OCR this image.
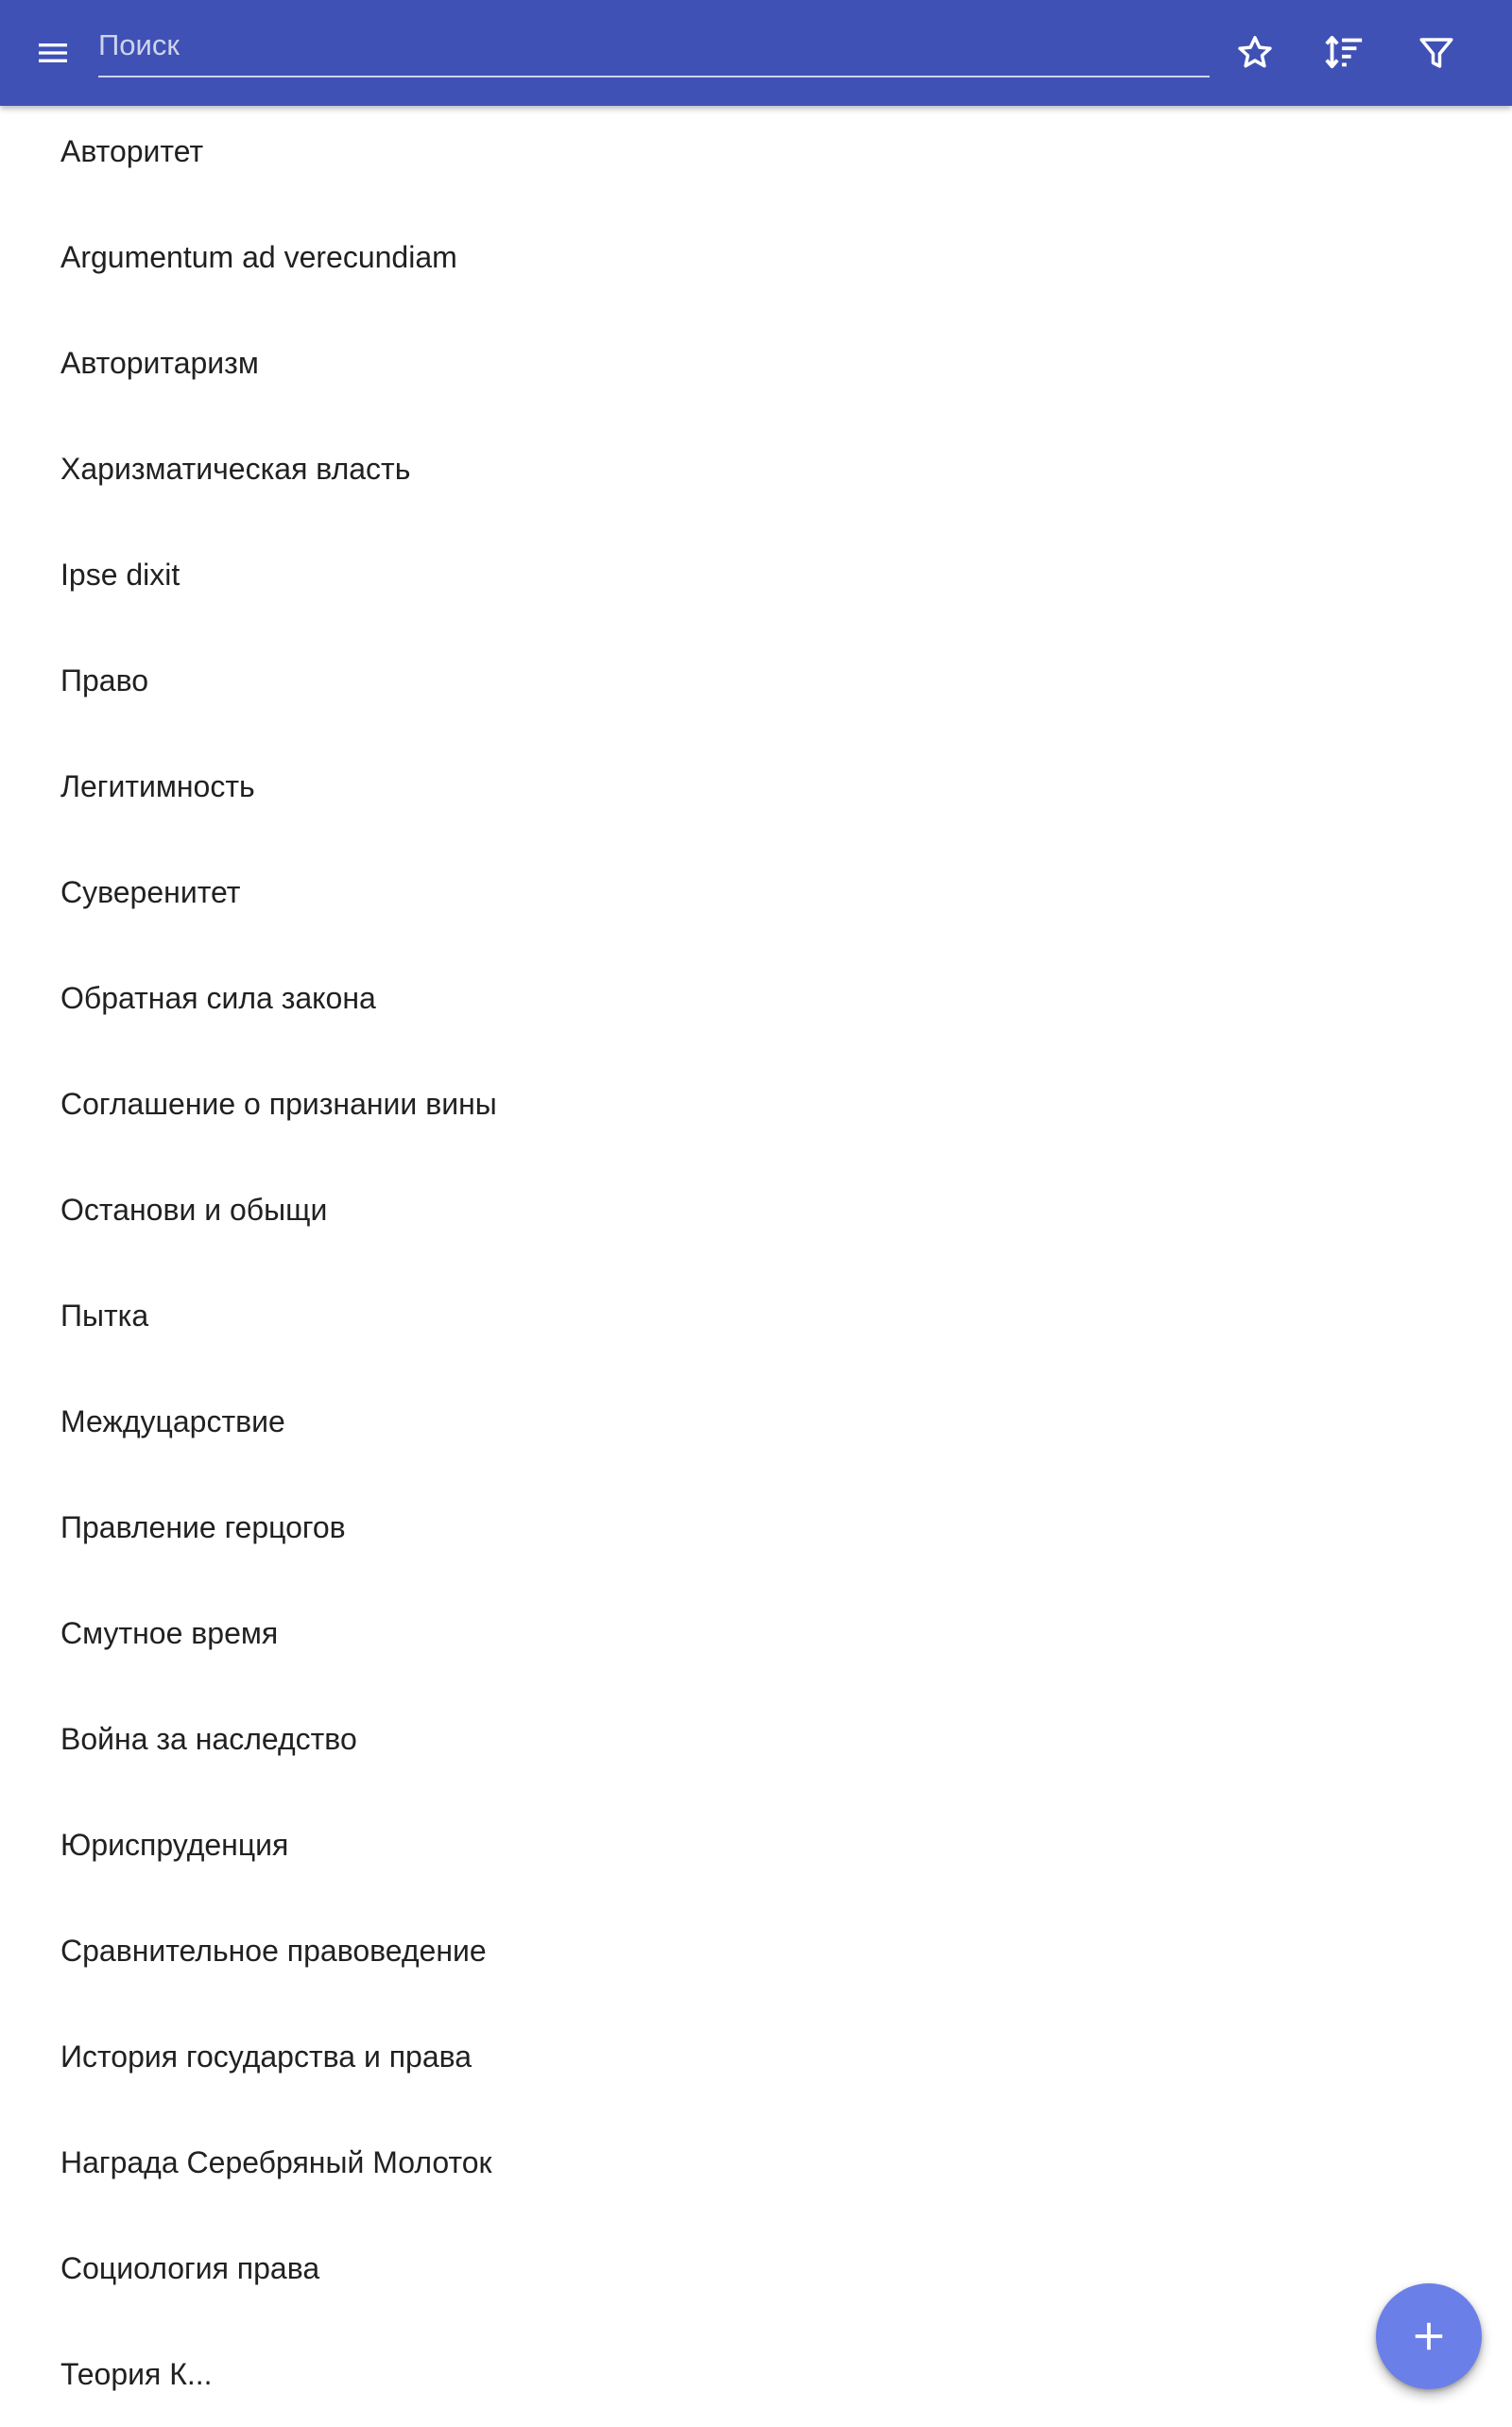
Поиск
Авторитет
Argumentum ad verecundiam
Авторитаризм
Харизматическая власть
Ipse dixit
Право
Легитимность
Суверенитет
Обратная сила закона
Соглашение о признании вины
Останови и обыщи
Пытка
Междуцарствие
Правление герцогов
Смутное время
Война за наследство
Юриспруденция
Сравнительное правоведение
История государства и права
Награда Серебряный Молоток
Социология права
Теория К...
